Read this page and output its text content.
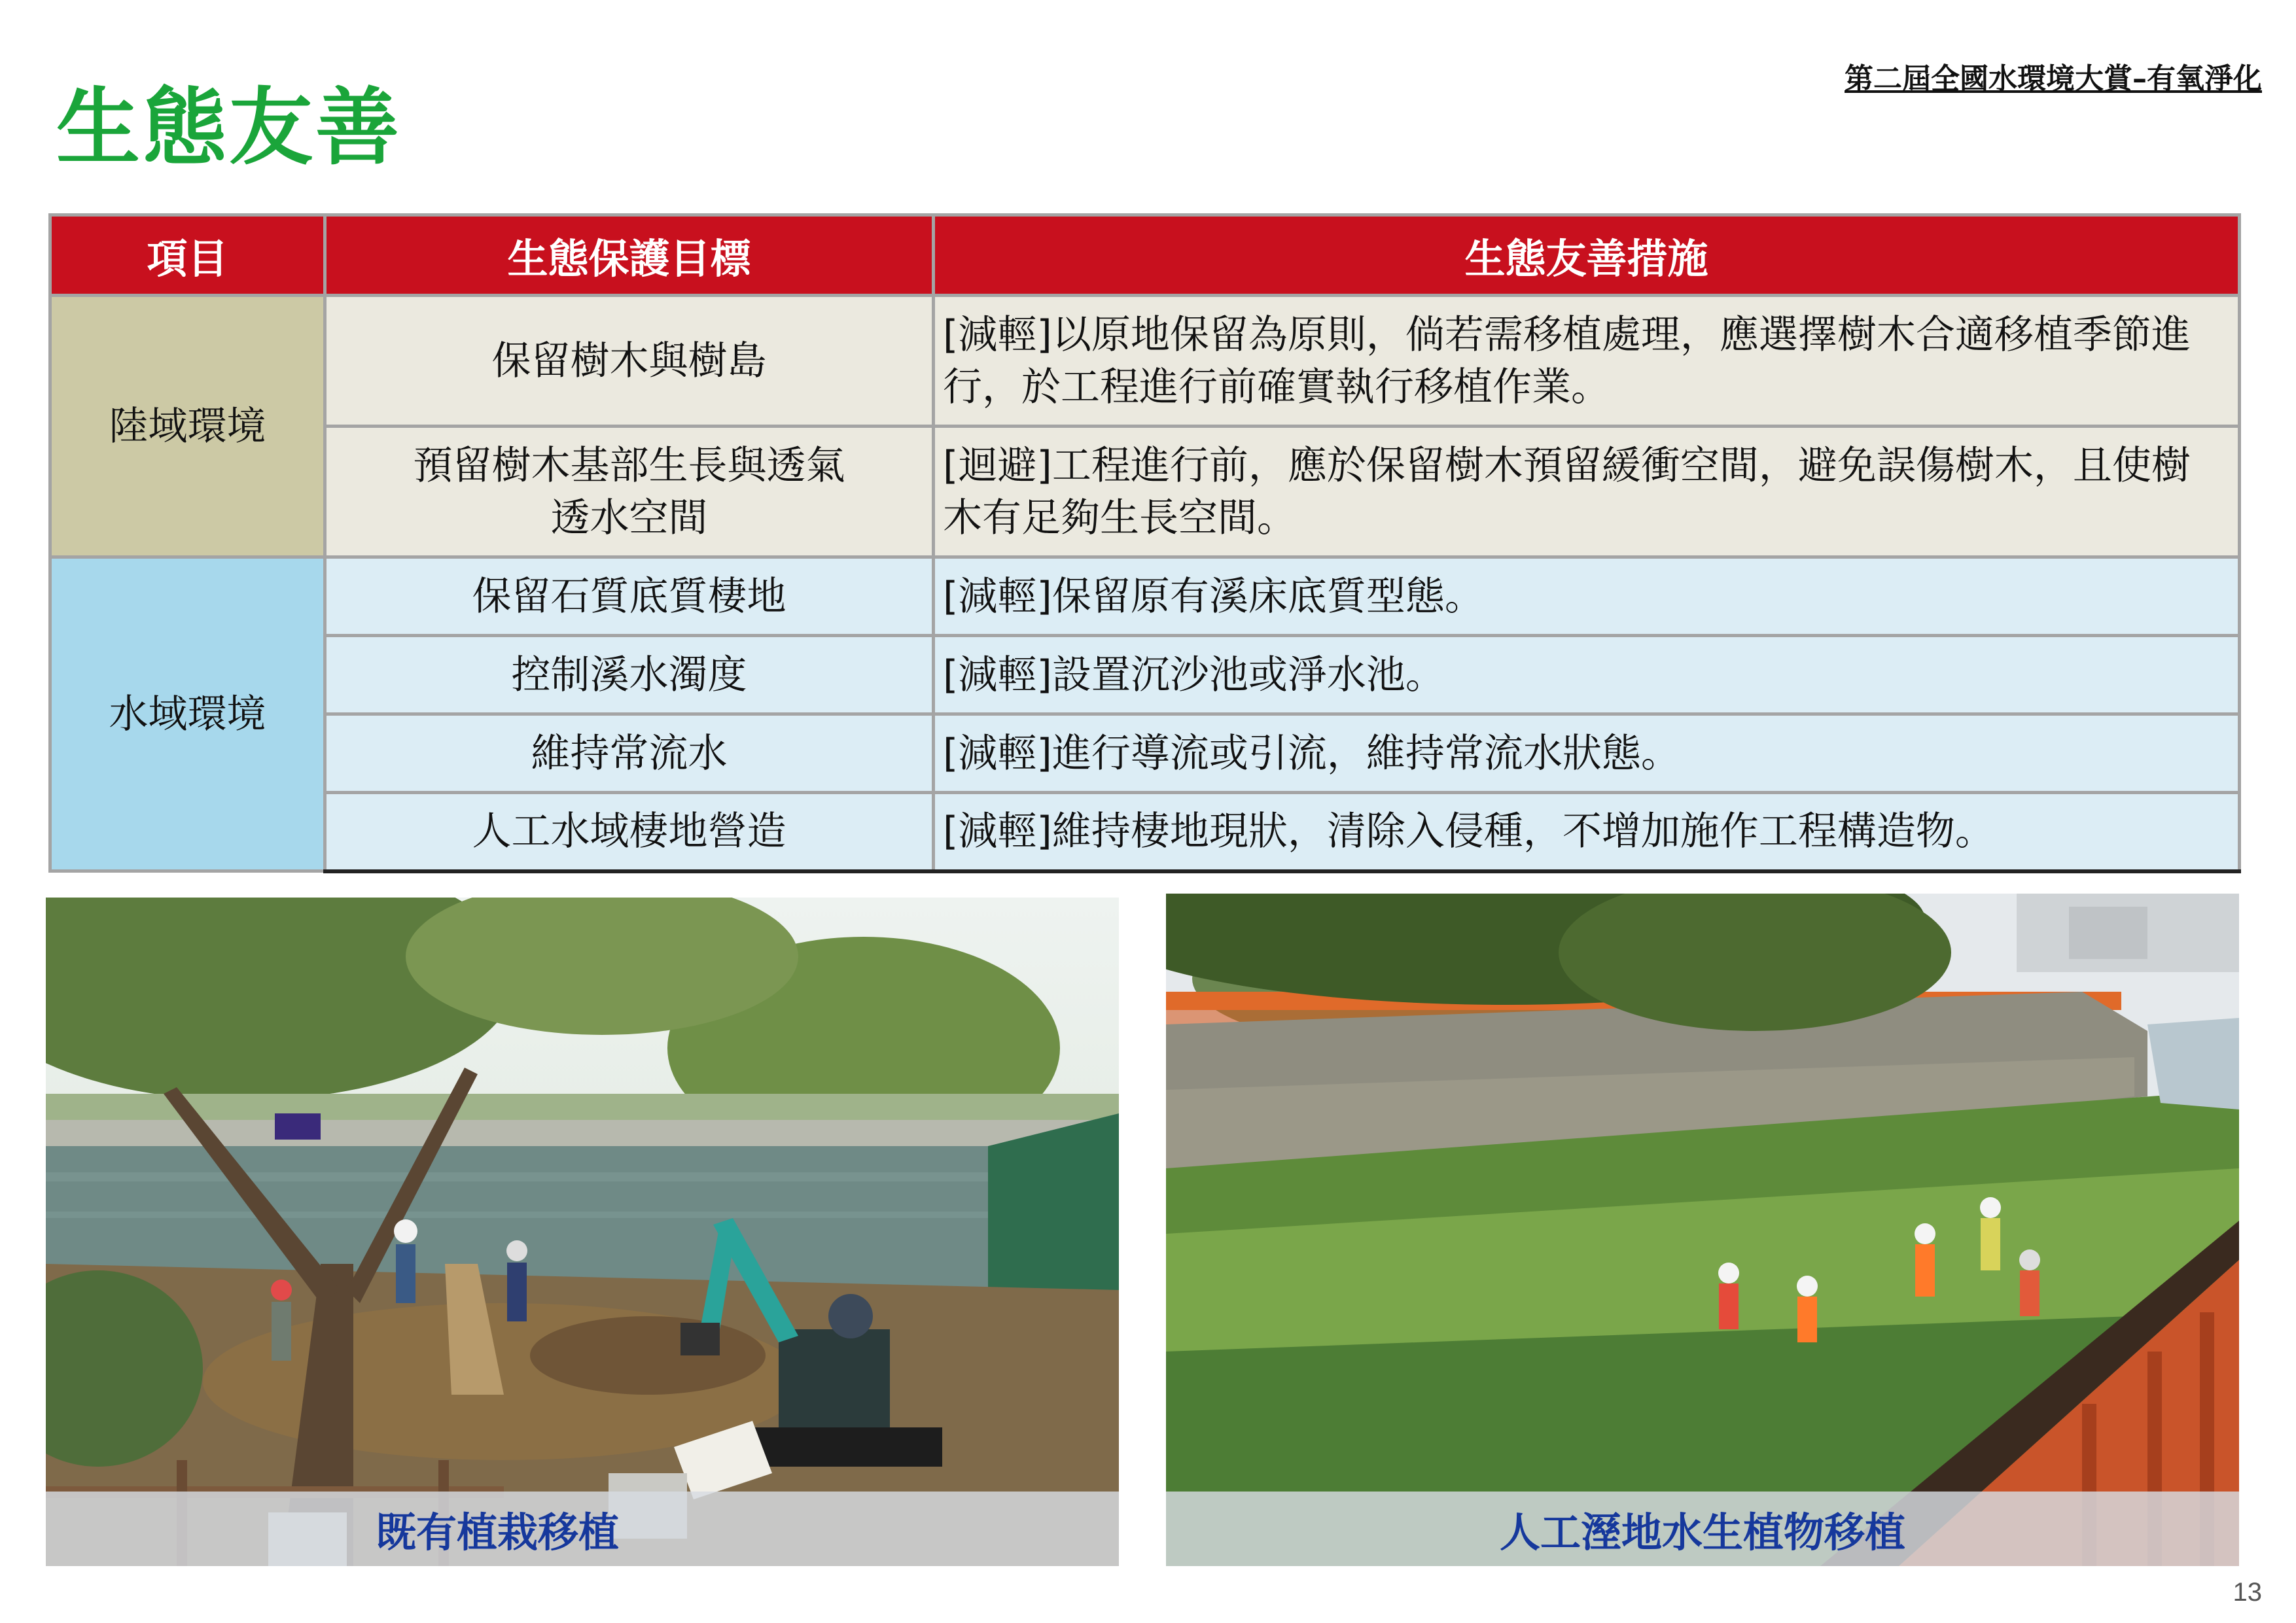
生態友善
第二屆全國水環境大賞–有氧淨化
項目	生態保護目標	生態友善措施
陸域環境	保留樹木與樹島	[減輕]以原地保留為原則，倘若需移植處理，應選擇樹木合適移植季節進行，於工程進行前確實執行移植作業。
	預留樹木基部生長與透氣透水空間	[迴避]工程進行前，應於保留樹木預留緩衝空間，避免誤傷樹木，且使樹木有足夠生長空間。
水域環境	保留石質底質棲地	[減輕]保留原有溪床底質型態。
	控制溪水濁度	[減輕]設置沉沙池或淨水池。
	維持常流水	[減輕]進行導流或引流，維持常流水狀態。
	人工水域棲地營造	[減輕]維持棲地現狀，清除入侵種，不增加施作工程構造物。
既有植栽移植	人工溼地水生植物移植
13
